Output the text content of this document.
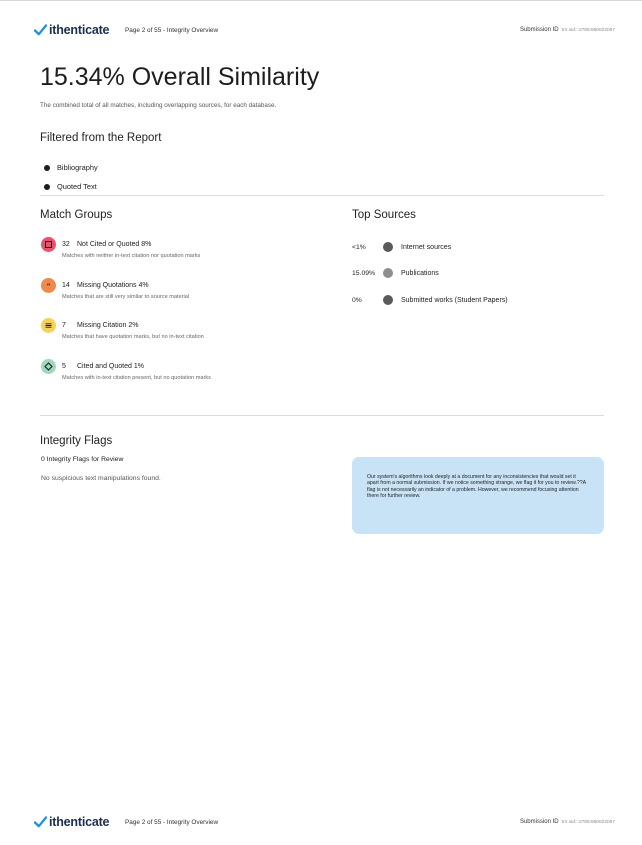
ithenticate Page 2 of 55 - Integrity Overview	Submission ID trn:oid:::2789:650522057
15.34% Overall Similarity
The combined total of all matches, including overlapping sources, for each database.
Filtered from the Report
Bibliography
Quoted Text
Match Groups
32	Not Cited or Quoted 8%
Matches with neither in-text citation nor quotation marks
" 14	Missing Quotations 4%
Matches that are still very similar to source material
7	Missing Citation 2%
Matches that have quotation marks, but no in-text citation
5	Cited and Quoted 1%
Matches with in-text citation present, but no quotation marks
Top Sources
<1%	Internet sources
15.09%	Publications
0%	Submitted works (Student Papers)
Integrity Flags
0 Integrity Flags for Review
No suspicious text manipulations found.	Our system's algorithms look deeply at a document for any inconsistencies that would set it apart from a normal submission. If we notice something strange, we flag it for you to review.??A flag is not necessarily an indicator of a problem. However, we recommend focusing attention there for further review.

ithenticate Page 2 of 55 - Integrity Overview	Submission ID trn:oid:::2789:650522057
